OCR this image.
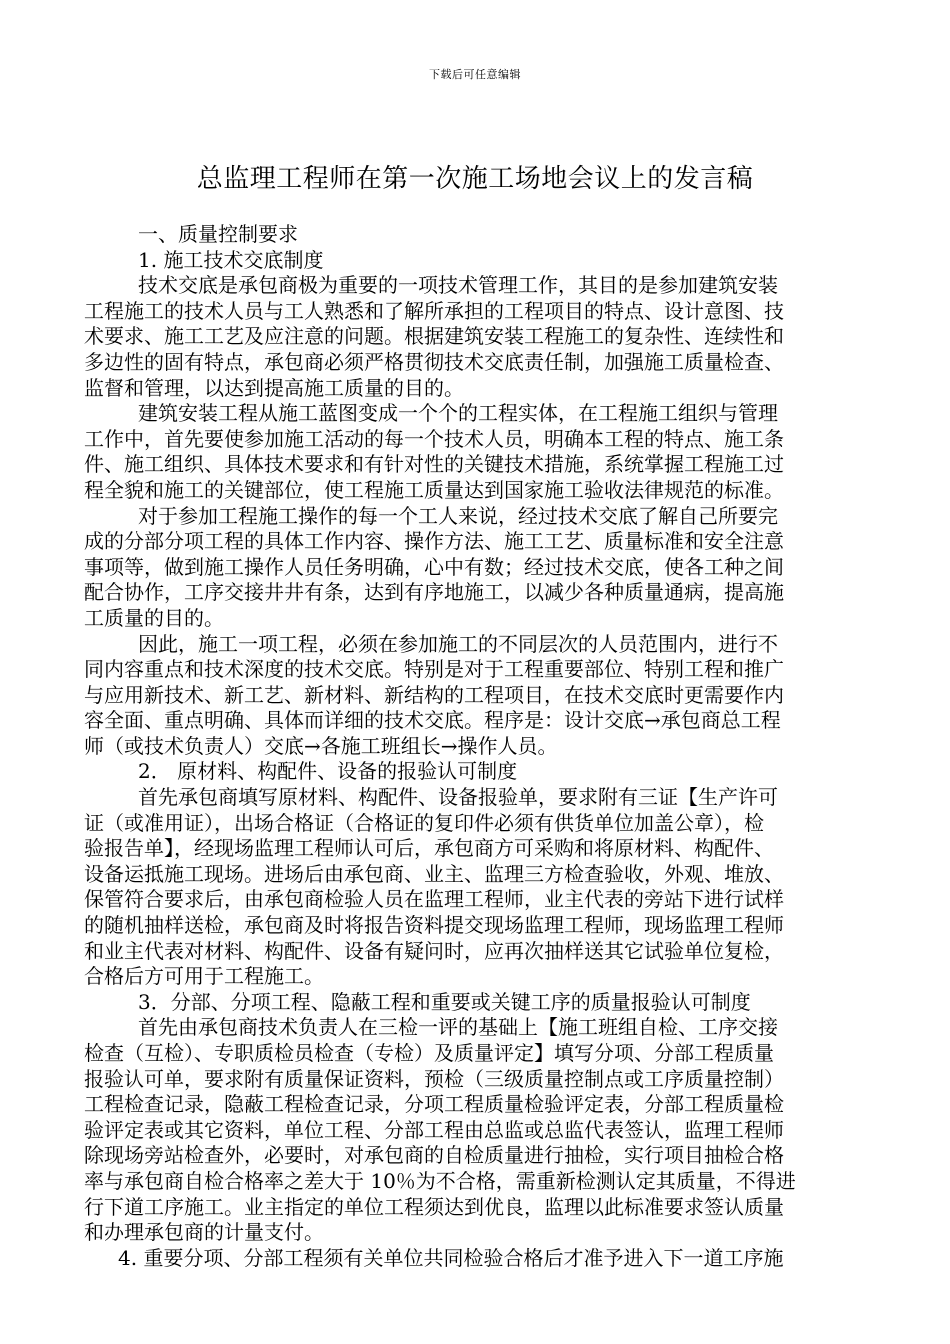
下载后可任意编辑
总监理工程师在第一次施工场地会议上的发言稿
一、质量控制要求
1. 施工技术交底制度
技术交底是承包商极为重要的一项技术管理工作，其目的是参加建筑安装
工程施工的技术人员与工人熟悉和了解所承担的工程项目的特点、设计意图、技
术要求、施工工艺及应注意的问题。根据建筑安装工程施工的复杂性、连续性和
多边性的固有特点，承包商必须严格贯彻技术交底责任制，加强施工质量检查、
监督和管理，以达到提高施工质量的目的。
建筑安装工程从施工蓝图变成一个个的工程实体，在工程施工组织与管理
工作中，首先要使参加施工活动的每一个技术人员，明确本工程的特点、施工条
件、施工组织、具体技术要求和有针对性的关键技术措施，系统掌握工程施工过
程全貌和施工的关键部位，使工程施工质量达到国家施工验收法律规范的标准。
对于参加工程施工操作的每一个工人来说，经过技术交底了解自己所要完
成的分部分项工程的具体工作内容、操作方法、施工工艺、质量标准和安全注意
事项等，做到施工操作人员任务明确，心中有数；经过技术交底，使各工种之间
配合协作，工序交接井井有条，达到有序地施工，以减少各种质量通病，提高施
工质量的目的。
因此，施工一项工程，必须在参加施工的不同层次的人员范围内，进行不
同内容重点和技术深度的技术交底。特别是对于工程重要部位、特别工程和推广
与应用新技术、新工艺、新材料、新结构的工程项目，在技术交底时更需要作内
容全面、重点明确、具体而详细的技术交底。程序是：设计交底→承包商总工程
师（或技术负责人）交底→各施工班组长→操作人员。
2． 原材料、构配件、设备的报验认可制度
首先承包商填写原材料、构配件、设备报验单，要求附有三证【生产许可
证（或准用证），出场合格证（合格证的复印件必须有供货单位加盖公章），检
验报告单】，经现场监理工程师认可后，承包商方可采购和将原材料、构配件、
设备运抵施工现场。进场后由承包商、业主、监理三方检查验收，外观、堆放、
保管符合要求后，由承包商检验人员在监理工程师，业主代表的旁站下进行试样
的随机抽样送检，承包商及时将报告资料提交现场监理工程师，现场监理工程师
和业主代表对材料、构配件、设备有疑问时，应再次抽样送其它试验单位复检，
合格后方可用于工程施工。
3．分部、分项工程、隐蔽工程和重要或关键工序的质量报验认可制度
首先由承包商技术负责人在三检一评的基础上【施工班组自检、工序交接
检查（互检）、专职质检员检查（专检）及质量评定】填写分项、分部工程质量
报验认可单，要求附有质量保证资料，预检（三级质量控制点或工序质量控制）
工程检查记录，隐蔽工程检查记录，分项工程质量检验评定表，分部工程质量检
验评定表或其它资料，单位工程、分部工程由总监或总监代表签认，监理工程师
除现场旁站检查外，必要时，对承包商的自检质量进行抽检，实行项目抽检合格
率与承包商自检合格率之差大于 10％为不合格，需重新检测认定其质量，不得进
行下道工序施工。业主指定的单位工程须达到优良，监理以此标准要求签认质量
和办理承包商的计量支付。
4. 重要分项、分部工程须有关单位共同检验合格后才准予进入下一道工序施
